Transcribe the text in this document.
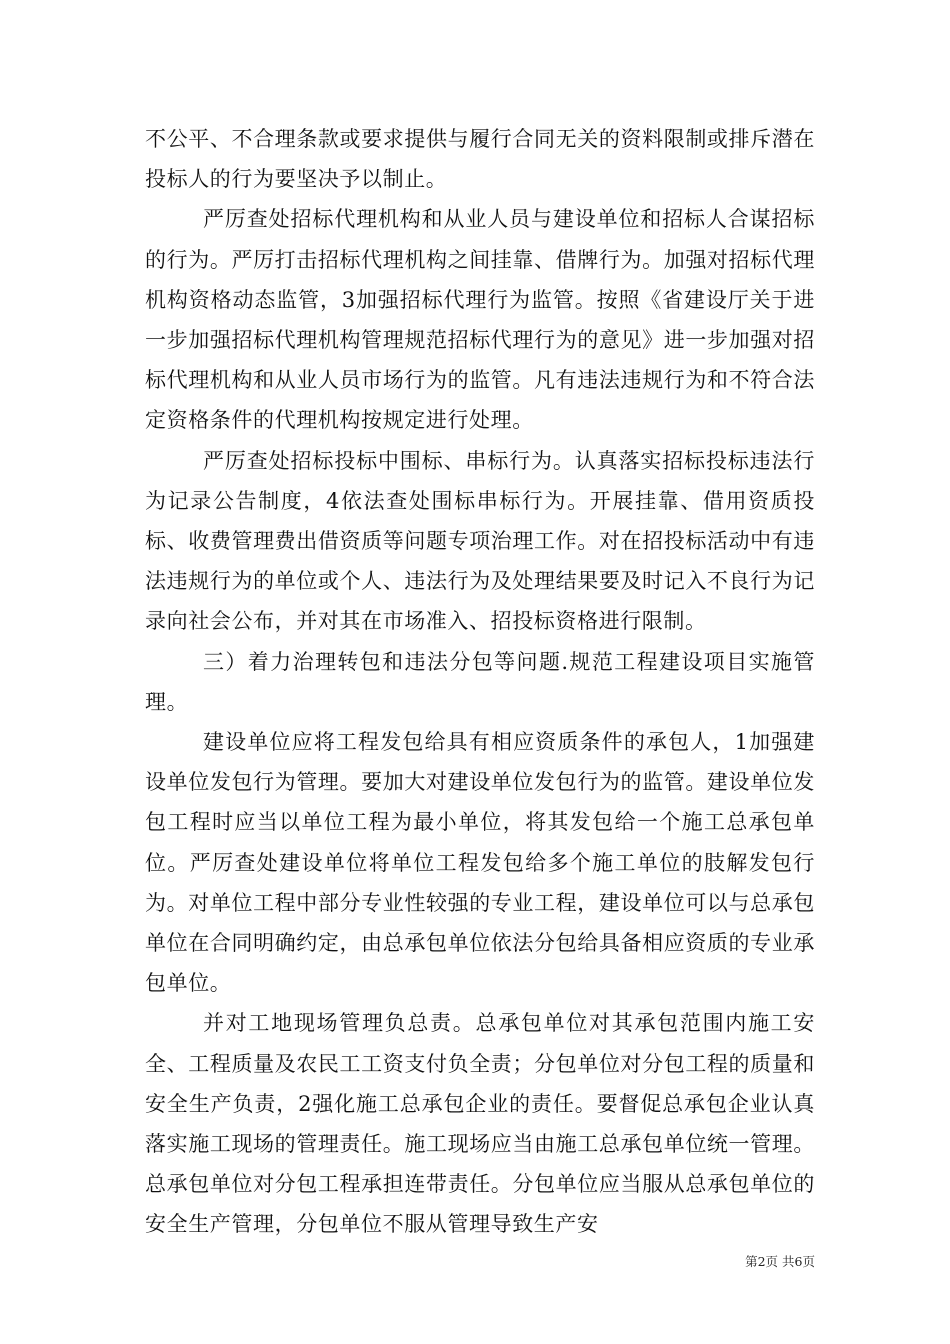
不公平、不合理条款或要求提供与履行合同无关的资料限制或排斥潜在投标人的行为要坚决予以制止。

严厉查处招标代理机构和从业人员与建设单位和招标人合谋招标的行为。严厉打击招标代理机构之间挂靠、借牌行为。加强对招标代理机构资格动态监管，3加强招标代理行为监管。按照《省建设厅关于进一步加强招标代理机构管理规范招标代理行为的意见》进一步加强对招标代理机构和从业人员市场行为的监管。凡有违法违规行为和不符合法定资格条件的代理机构按规定进行处理。

严厉查处招标投标中围标、串标行为。认真落实招标投标违法行为记录公告制度，4依法查处围标串标行为。开展挂靠、借用资质投标、收费管理费出借资质等问题专项治理工作。对在招投标活动中有违法违规行为的单位或个人、违法行为及处理结果要及时记入不良行为记录向社会公布，并对其在市场准入、招投标资格进行限制。

三）着力治理转包和违法分包等问题.规范工程建设项目实施管理。

建设单位应将工程发包给具有相应资质条件的承包人，1加强建设单位发包行为管理。要加大对建设单位发包行为的监管。建设单位发包工程时应当以单位工程为最小单位，将其发包给一个施工总承包单位。严厉查处建设单位将单位工程发包给多个施工单位的肢解发包行为。对单位工程中部分专业性较强的专业工程，建设单位可以与总承包单位在合同明确约定，由总承包单位依法分包给具备相应资质的专业承包单位。

并对工地现场管理负总责。总承包单位对其承包范围内施工安全、工程质量及农民工工资支付负全责；分包单位对分包工程的质量和安全生产负责，2强化施工总承包企业的责任。要督促总承包企业认真落实施工现场的管理责任。施工现场应当由施工总承包单位统一管理。总承包单位对分包工程承担连带责任。分包单位应当服从总承包单位的安全生产管理，分包单位不服从管理导致生产安

第2页 共6页
